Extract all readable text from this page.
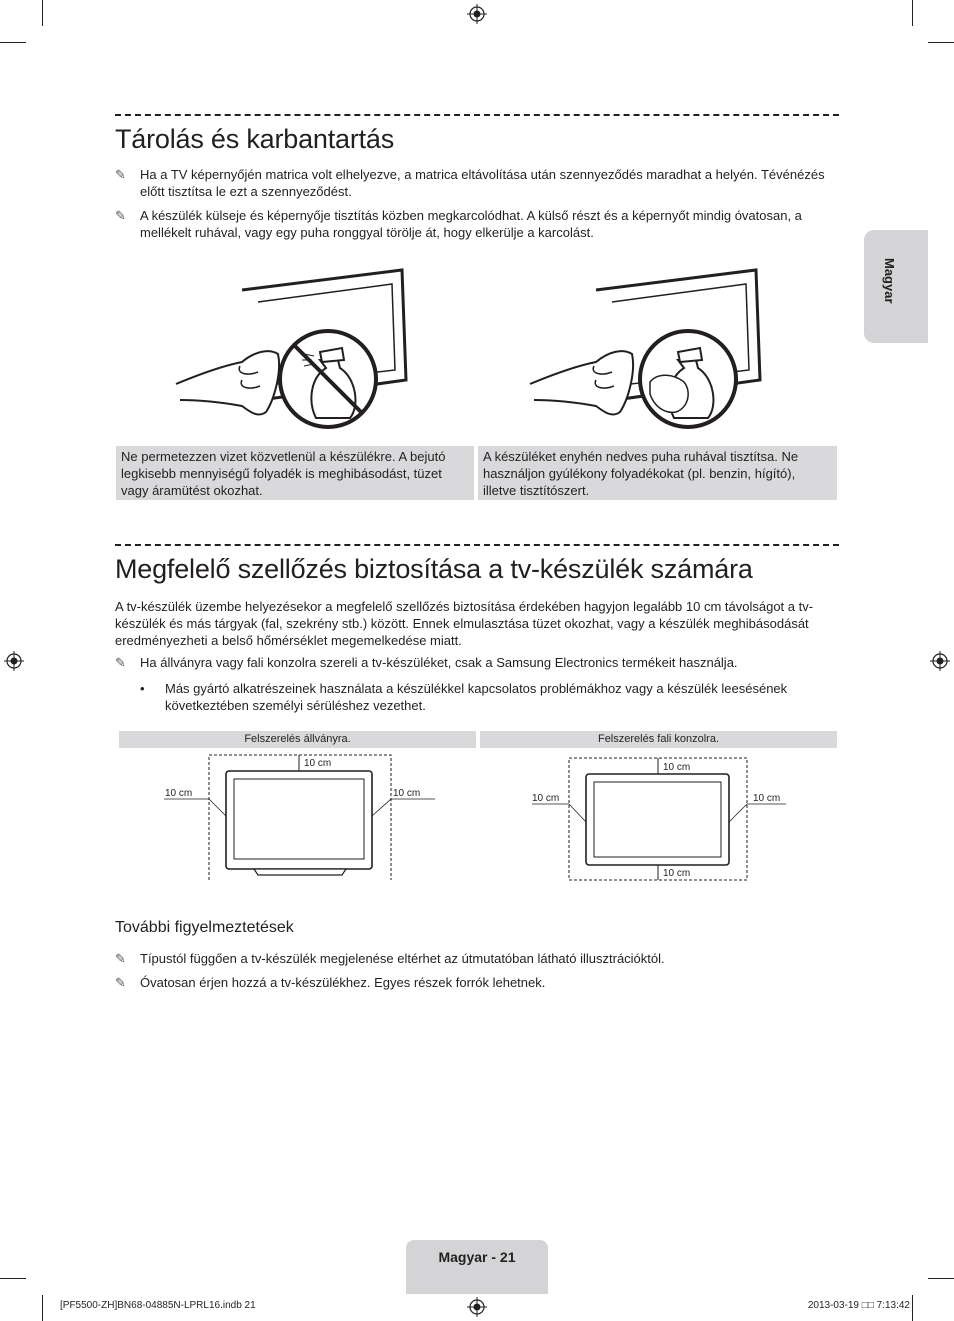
Magyar
Tárolás és karbantartás
✎ Ha a TV képernyőjén matrica volt elhelyezve, a matrica eltávolítása után szennyeződés maradhat a helyén. Tévénézés előtt tisztítsa le ezt a szennyeződést.
✎ A készülék külseje és képernyője tisztítás közben megkarcolódhat. A külső részt és a képernyőt mindig óvatosan, a mellékelt ruhával, vagy egy puha ronggyal törölje át, hogy elkerülje a karcolást.
Ne permetezzen vizet közvetlenül a készülékre. A bejutó legkisebb mennyiségű folyadék is meghibásodást, tüzet vagy áramütést okozhat.
A készüléket enyhén nedves puha ruhával tisztítsa. Ne használjon gyúlékony folyadékokat (pl. benzin, hígító), illetve tisztítószert.
Megfelelő szellőzés biztosítása a tv-készülék számára
A tv-készülék üzembe helyezésekor a megfelelő szellőzés biztosítása érdekében hagyjon legalább 10 cm távolságot a tv-készülék és más tárgyak (fal, szekrény stb.) között. Ennek elmulasztása tüzet okozhat, vagy a készülék meghibásodását eredményezheti a belső hőmérséklet megemelkedése miatt.
✎ Ha állványra vagy fali konzolra szereli a tv-készüléket, csak a Samsung Electronics termékeit használja.
• Más gyártó alkatrészeinek használata a készülékkel kapcsolatos problémákhoz vagy a készülék leesésének következtében személyi sérüléshez vezethet.
Felszerelés állványra.	Felszerelés fali konzolra.
10 cm
10 cm	10 cm
10 cm
10 cm	10 cm
10 cm
További figyelmeztetések
✎ Típustól függően a tv-készülék megjelenése eltérhet az útmutatóban látható illusztrációktól.
✎ Óvatosan érjen hozzá a tv-készülékhez. Egyes részek forrók lehetnek.
Magyar - 21
[PF5500-ZH]BN68-04885N-LPRL16.indb 21	2013-03-19 □□ 7:13:42
